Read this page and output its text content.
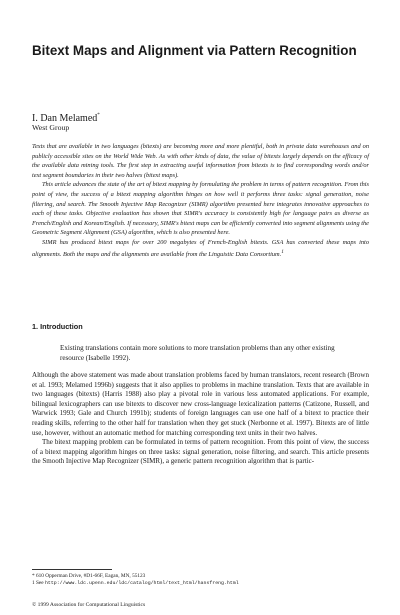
Bitext Maps and Alignment via Pattern Recognition
I. Dan Melamed*
West Group

Texts that are available in two languages (bitexts) are becoming more and more plentiful, both in private data warehouses and on publicly accessible sites on the World Wide Web. As with other kinds of data, the value of bitexts largely depends on the efficacy of the available data mining tools. The first step in extracting useful information from bitexts is to find corresponding words and/or text segment boundaries in their two halves (bitext maps).

This article advances the state of the art of bitext mapping by formulating the problem in terms of pattern recognition. From this point of view, the success of a bitext mapping algorithm hinges on how well it performs three tasks: signal generation, noise filtering, and search. The Smooth Injective Map Recognizer (SIMR) algorithm presented here integrates innovative approaches to each of these tasks. Objective evaluation has shown that SIMR's accuracy is consistently high for language pairs as diverse as French/English and Korean/English. If necessary, SIMR's bitext maps can be efficiently converted into segment alignments using the Geometric Segment Alignment (GSA) algorithm, which is also presented here.

SIMR has produced bitext maps for over 200 megabytes of French-English bitexts. GSA has converted these maps into alignments. Both the maps and the alignments are available from the Linguistic Data Consortium.$^1$

1. Introduction

Existing translations contain more solutions to more translation problems than any other existing resource (Isabelle 1992).

Although the above statement was made about translation problems faced by human translators, recent research (Brown et al. 1993; Melamed 1996b) suggests that it also applies to problems in machine translation. Texts that are available in two languages (bitexts) (Harris 1988) also play a pivotal role in various less automated applications. For example, bilingual lexicographers can use bitexts to discover new cross-language lexicalization patterns (Catizone, Russell, and Warwick 1993; Gale and Church 1991b); students of foreign languages can use one half of a bitext to practice their reading skills, referring to the other half for translation when they get stuck (Nerbonne et al. 1997). Bitexts are of little use, however, without an automatic method for matching corresponding text units in their two halves.

The bitext mapping problem can be formulated in terms of pattern recognition. From this point of view, the success of a bitext mapping algorithm hinges on three tasks: signal generation, noise filtering, and search. This article presents the Smooth Injective Map Recognizer (SIMR), a generic pattern recognition algorithm that is partic-

* 610 Opperman Drive, #D1-66F, Eagan, MN, 55123
1 See http://www.ldc.upenn.edu/ldc/catalog/html/text_html/hansfreng.html
© 1999 Association for Computational Linguistics
